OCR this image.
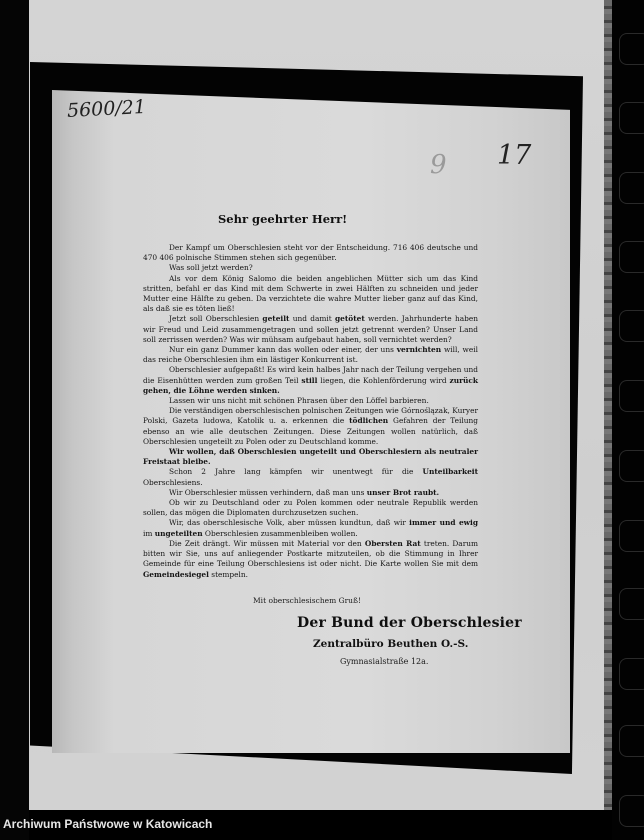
5600/21
9 17
Sehr geehrter Herr!

Der Kampf um Oberschlesien steht vor der Entscheidung. 716 406 deutsche und 470 406 polnische Stimmen stehen sich gegenüber.

Was soll jetzt werden?

Als vor dem König Salomo die beiden angeblichen Mütter sich um das Kind stritten, befahl er das Kind mit dem Schwerte in zwei Hälften zu schneiden und jeder Mutter eine Hälfte zu geben. Da verzichtete die wahre Mutter lieber ganz auf das Kind, als daß sie es töten ließ!

Jetzt soll Oberschlesien geteilt und damit getötet werden. Jahrhunderte haben wir Freud und Leid zusammengetragen und sollen jetzt getrennt werden? Unser Land soll zerrissen werden? Was wir mühsam aufgebaut haben, soll vernichtet werden?

Nur ein ganz Dummer kann das wollen oder einer, der uns vernichten will, weil das reiche Oberschlesien ihm ein lästiger Konkurrent ist.

Oberschlesier aufgepaßt! Es wird kein halbes Jahr nach der Teilung vergehen und die Eisenhütten werden zum großen Teil still liegen, die Kohlenförderung wird zurück gehen, die Löhne werden sinken.

Lassen wir uns nicht mit schönen Phrasen über den Löffel barbieren.

Die verständigen oberschlesischen polnischen Zeitungen wie Górnoślązak, Kuryer Polski, Gazeta ludowa, Katolik u. a. erkennen die tödlichen Gefahren der Teilung ebenso an wie alle deutschen Zeitungen. Diese Zeitungen wollen natürlich, daß Oberschlesien ungeteilt zu Polen oder zu Deutschland komme.

Wir wollen, daß Oberschlesien ungeteilt und Oberschlesiern als neutraler Freistaat bleibe.

Schon 2 Jahre lang kämpfen wir unentwegt für die Unteilbarkeit Oberschlesiens.

Wir Oberschlesier müssen verhindern, daß man uns unser Brot raubt.

Ob wir zu Deutschland oder zu Polen kommen oder neutrale Republik werden sollen, das mögen die Diplomaten durchzusetzen suchen.

Wir, das oberschlesische Volk, aber müssen kundtun, daß wir immer und ewig im ungeteilten Oberschlesien zusammenbleiben wollen.

Die Zeit drängt. Wir müssen mit Material vor den Obersten Rat treten. Darum bitten wir Sie, uns auf anliegender Postkarte mitzuteilen, ob die Stimmung in Ihrer Gemeinde für eine Teilung Oberschlesiens ist oder nicht. Die Karte wollen Sie mit dem Gemeindesiegel stempeln.

Mit oberschlesischem Gruß!
Der Bund der Oberschlesier
Zentralbüro Beuthen O.-S.
Gymnasialstraße 12a.
Archiwum Państwowe w Katowicach
